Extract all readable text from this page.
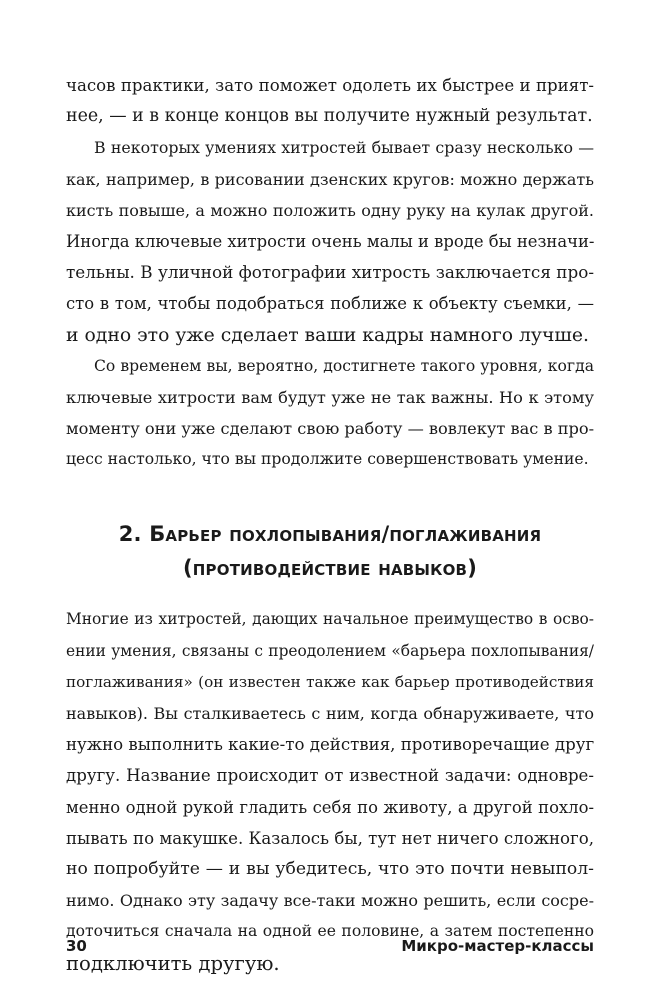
часов практики, зато поможет одолеть их быстрее и прият-
нее, — и в конце концов вы получите нужный результат.
В некоторых умениях хитростей бывает сразу несколько —
как, например, в рисовании дзенских кругов: можно держать
кисть повыше, а можно положить одну руку на кулак другой.
Иногда ключевые хитрости очень малы и вроде бы незначи-
тельны. В уличной фотографии хитрость заключается про-
сто в том, чтобы подобраться поближе к объекту съемки, —
и одно это уже сделает ваши кадры намного лучше.
Со временем вы, вероятно, достигнете такого уровня, когда
ключевые хитрости вам будут уже не так важны. Но к этому
моменту они уже сделают свою работу — вовлекут вас в про-
цесс настолько, что вы продолжите совершенствовать умение.
2. Барьер похлопывания/поглаживания
(противодействие навыков)
Многие из хитростей, дающих начальное преимущество в осво-
ении умения, связаны с преодолением «барьера похлопывания/
поглаживания» (он известен также как барьер противодействия
навыков). Вы сталкиваетесь с ним, когда обнаруживаете, что
нужно выполнить какие-то действия, противоречащие друг
другу. Название происходит от известной задачи: одновре-
менно одной рукой гладить себя по животу, а другой похло-
пывать по макушке. Казалось бы, тут нет ничего сложного,
но попробуйте — и вы убедитесь, что это почти невыпол-
нимо. Однако эту задачу все-таки можно решить, если сосре-
доточиться сначала на одной ее половине, а затем постепенно
подключить другую.
30	Микро-мастер-классы
